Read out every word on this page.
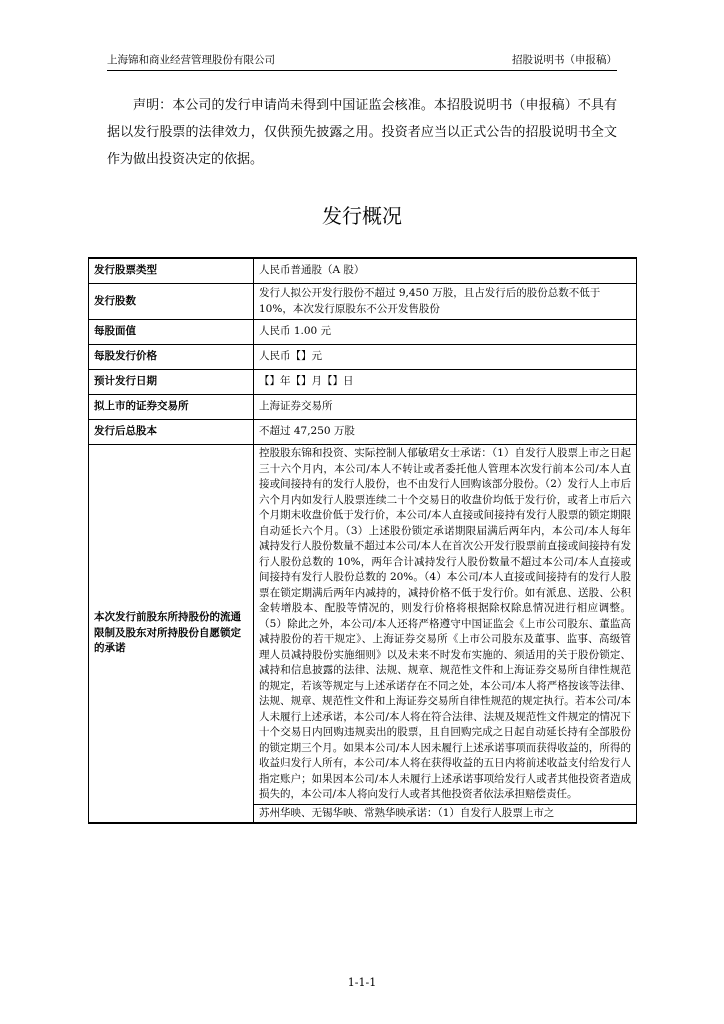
上海锦和商业经营管理股份有限公司	招股说明书（申报稿）
声明：本公司的发行申请尚未得到中国证监会核准。本招股说明书（申报稿）不具有据以发行股票的法律效力，仅供预先披露之用。投资者应当以正式公告的招股说明书全文作为做出投资决定的依据。
发行概况
发行股票类型	人民币普通股（A 股）
发行股数	发行人拟公开发行股份不超过 9,450 万股，且占发行后的股份总数不低于 10%，本次发行原股东不公开发售股份
每股面值	人民币 1.00 元
每股发行价格	人民币【】元
预计发行日期	【】年【】月【】日
拟上市的证券交易所	上海证券交易所
发行后总股本	不超过 47,250 万股
本次发行前股东所持股份的流通限制及股东对所持股份自愿锁定的承诺	控股股东锦和投资、实际控制人郁敏珺女士承诺：（1）自发行人股票上市之日起三十六个月内，本公司/本人不转让或者委托他人管理本次发行前本公司/本人直接或间接持有的发行人股份，也不由发行人回购该部分股份。（2）发行人上市后六个月内如发行人股票连续二十个交易日的收盘价均低于发行价，或者上市后六个月期末收盘价低于发行价，本公司/本人直接或间接持有发行人股票的锁定期限自动延长六个月。（3）上述股份锁定承诺期限届满后两年内，本公司/本人每年减持发行人股份数量不超过本公司/本人在首次公开发行股票前直接或间接持有发行人股份总数的 10%，两年合计减持发行人股份数量不超过本公司/本人直接或间接持有发行人股份总数的 20%。（4）本公司/本人直接或间接持有的发行人股票在锁定期满后两年内减持的，减持价格不低于发行价。如有派息、送股、公积金转增股本、配股等情况的，则发行价格将根据除权除息情况进行相应调整。（5）除此之外，本公司/本人还将严格遵守中国证监会《上市公司股东、董监高减持股份的若干规定》、上海证券交易所《上市公司股东及董事、监事、高级管理人员减持股份实施细则》以及未来不时发布实施的、须适用的关于股份锁定、减持和信息披露的法律、法规、规章、规范性文件和上海证券交易所自律性规范的规定，若该等规定与上述承诺存在不同之处，本公司/本人将严格按该等法律、法规、规章、规范性文件和上海证券交易所自律性规范的规定执行。若本公司/本人未履行上述承诺，本公司/本人将在符合法律、法规及规范性文件规定的情况下十个交易日内回购违规卖出的股票，且自回购完成之日起自动延长持有全部股份的锁定期三个月。如果本公司/本人因未履行上述承诺事项而获得收益的，所得的收益归发行人所有，本公司/本人将在获得收益的五日内将前述收益支付给发行人指定账户；如果因本公司/本人未履行上述承诺事项给发行人或者其他投资者造成损失的，本公司/本人将向发行人或者其他投资者依法承担赔偿责任。
	苏州华映、无锡华映、常熟华映承诺：（1）自发行人股票上市之
1-1-1
